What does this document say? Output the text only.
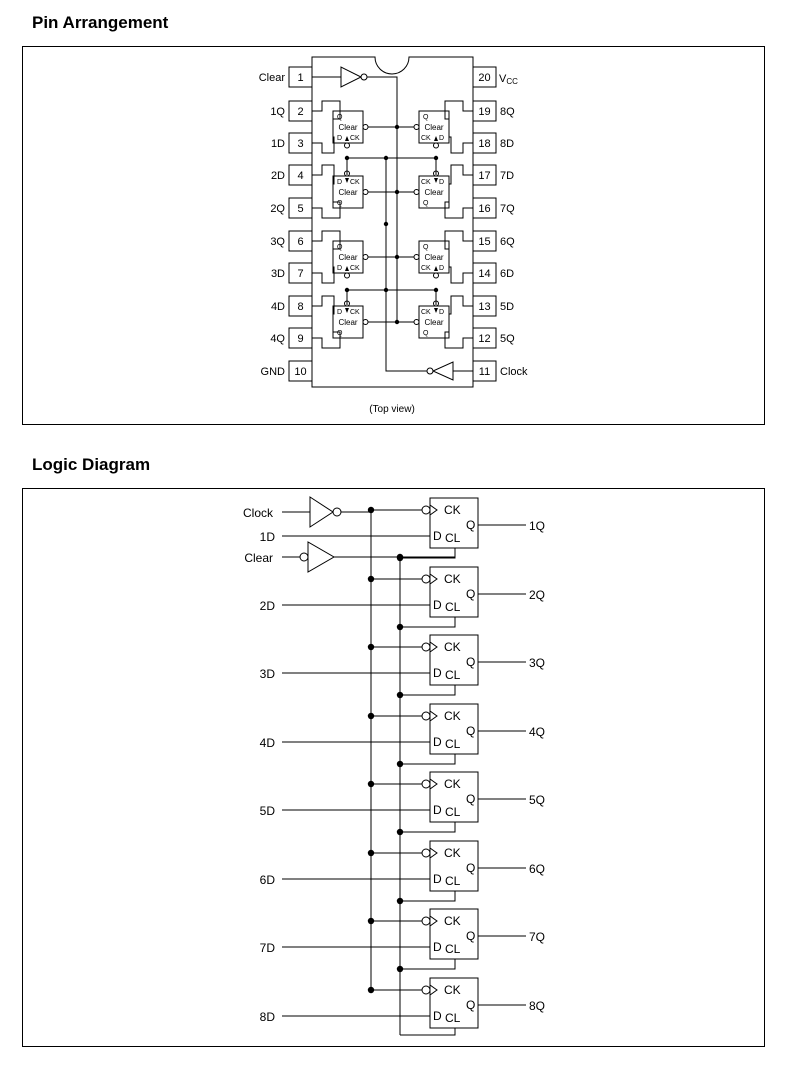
Pin Arrangement
Logic Diagram
1
Clear
2
1Q
3
1D
4
2D
5
2Q
6
3Q
7
3D
8
4D
9
4Q
10
GND
20
19 8Q
18 8D
17 7D
16 7Q
15 6Q
14 6D
13 5D
12 5Q
11 Clock
VCC
Q
Clear
D CK
Q
Clear
D CK
Q
Clear
D CK
Q
Clear
D CK
Q
Clear
CK D
Q
Clear
CK D
Q
Clear
CK D
Q
Clear
CK D
(Top view)
Clock
Clear
CK
Q
D CL
1D
1Q
CK
Q
D CL
2D
2Q
CK
Q
D CL
3D
3Q
CK
Q
D CL
4D
4Q
CK
Q
D CL
5D
5Q
CK
Q
D CL
6D
6Q
CK
Q
D CL
7D
7Q
CK
Q
D CL
8D
8Q
